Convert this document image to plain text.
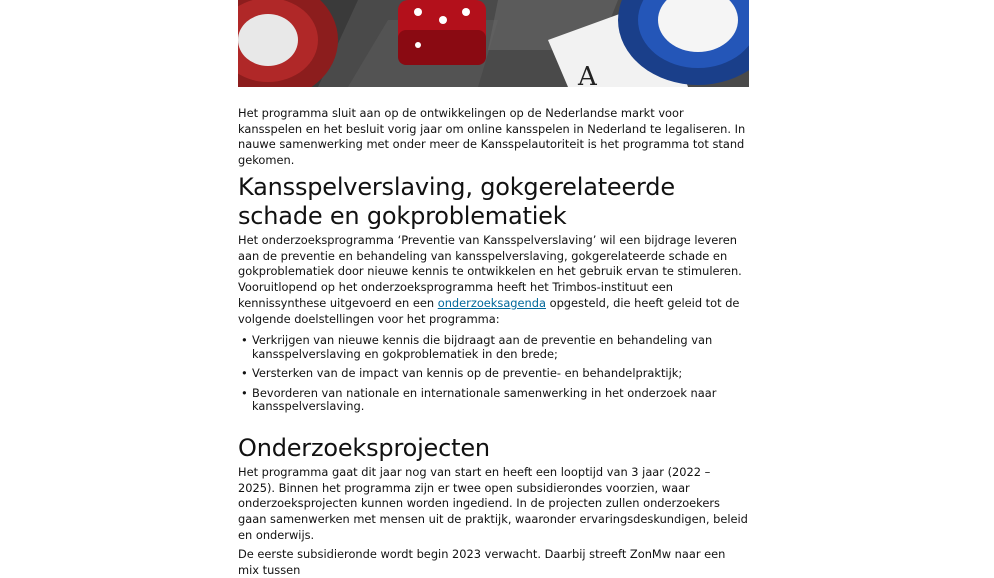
A

Het programma sluit aan op de ontwikkelingen op de Nederlandse markt voor kansspelen en het besluit vorig jaar om online kansspelen in Nederland te legaliseren. In nauwe samenwerking met onder meer de Kansspelautoriteit is het programma tot stand gekomen.

Kansspelverslaving, gokgerelateerde schade en gokproblematiek

Het onderzoeksprogramma ‘Preventie van Kansspelverslaving’ wil een bijdrage leveren aan de preventie en behandeling van kansspelverslaving, gokgerelateerde schade en gokproblematiek door nieuwe kennis te ontwikkelen en het gebruik ervan te stimuleren. Vooruitlopend op het onderzoeksprogramma heeft het Trimbos-instituut een kennissynthese uitgevoerd en een onderzoeksagenda opgesteld, die heeft geleid tot de volgende doelstellingen voor het programma:

• Verkrijgen van nieuwe kennis die bijdraagt aan de preventie en behandeling van kansspelverslaving en gokproblematiek in den brede;
• Versterken van de impact van kennis op de preventie- en behandelpraktijk;
• Bevorderen van nationale en internationale samenwerking in het onderzoek naar kansspelverslaving.
Onderzoeksprojecten

Het programma gaat dit jaar nog van start en heeft een looptijd van 3 jaar (2022 – 2025). Binnen het programma zijn er twee open subsidierondes voorzien, waar onderzoeksprojecten kunnen worden ingediend. In de projecten zullen onderzoekers gaan samenwerken met mensen uit de praktijk, waaronder ervaringsdeskundigen, beleid en onderwijs.

De eerste subsidieronde wordt begin 2023 verwacht. Daarbij streeft ZonMw naar een mix tussen
